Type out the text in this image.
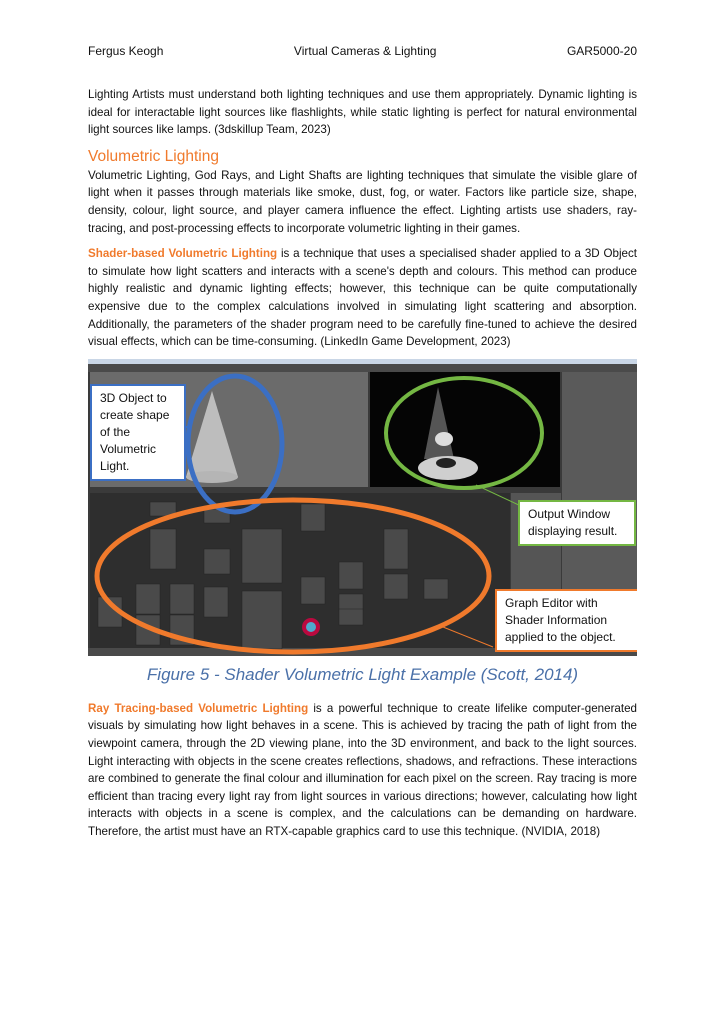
Fergus Keogh	Virtual Cameras & Lighting	GAR5000-20

Lighting Artists must understand both lighting techniques and use them appropriately. Dynamic lighting is ideal for interactable light sources like flashlights, while static lighting is perfect for natural environmental light sources like lamps. (3dskillup Team, 2023)

Volumetric Lighting

Volumetric Lighting, God Rays, and Light Shafts are lighting techniques that simulate the visible glare of light when it passes through materials like smoke, dust, fog, or water. Factors like particle size, shape, density, colour, light source, and player camera influence the effect. Lighting artists use shaders, ray-tracing, and post-processing effects to incorporate volumetric lighting in their games.

Shader-based Volumetric Lighting is a technique that uses a specialised shader applied to a 3D Object to simulate how light scatters and interacts with a scene's depth and colours. This method can produce highly realistic and dynamic lighting effects; however, this technique can be quite computationally expensive due to the complex calculations involved in simulating light scattering and absorption. Additionally, the parameters of the shader program need to be carefully fine-tuned to achieve the desired visual effects, which can be time-consuming. (LinkedIn Game Development, 2023)

3D Object to create shape of the Volumetric Light.
Output Window displaying result.
Graph Editor with Shader Information applied to the object.
Figure 5 - Shader Volumetric Light Example (Scott, 2014)

Ray Tracing-based Volumetric Lighting is a powerful technique to create lifelike computer-generated visuals by simulating how light behaves in a scene. This is achieved by tracing the path of light from the viewpoint camera, through the 2D viewing plane, into the 3D environment, and back to the light sources. Light interacting with objects in the scene creates reflections, shadows, and refractions. These interactions are combined to generate the final colour and illumination for each pixel on the screen. Ray tracing is more efficient than tracing every light ray from light sources in various directions; however, calculating how light interacts with objects in a scene is complex, and the calculations can be demanding on hardware. Therefore, the artist must have an RTX-capable graphics card to use this technique. (NVIDIA, 2018)
